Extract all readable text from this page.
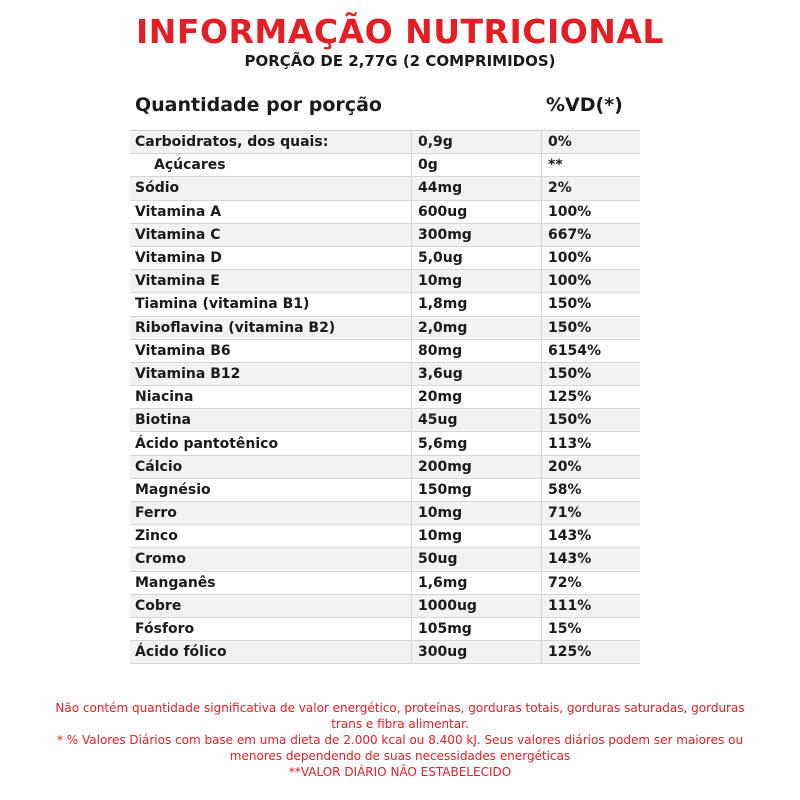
INFORMAÇÃO NUTRICIONAL
PORÇÃO DE 2,77G (2 COMPRIMIDOS)
Quantidade por porção	%VD(*)
Carboidratos, dos quais:	0,9g	0%
Açúcares	0g	**
Sódio	44mg	2%
Vitamina A	600ug	100%
Vitamina C	300mg	667%
Vitamina D	5,0ug	100%
Vitamina E	10mg	100%
Tiamina (vitamina B1)	1,8mg	150%
Riboflavina (vitamina B2)	2,0mg	150%
Vitamina B6	80mg	6154%
Vitamina B12	3,6ug	150%
Niacina	20mg	125%
Biotina	45ug	150%
Ácido pantotênico	5,6mg	113%
Cálcio	200mg	20%
Magnésio	150mg	58%
Ferro	10mg	71%
Zinco	10mg	143%
Cromo	50ug	143%
Manganês	1,6mg	72%
Cobre	1000ug	111%
Fósforo	105mg	15%
Ácido fólico	300ug	125%

Não contém quantidade significativa de valor energético, proteínas, gorduras totais, gorduras saturadas, gorduras trans e fibra alimentar.

* % Valores Diários com base em uma dieta de 2.000 kcal ou 8.400 kJ. Seus valores diários podem ser maiores ou menores dependendo de suas necessidades energéticas

**VALOR DIÁRIO NÃO ESTABELECIDO
